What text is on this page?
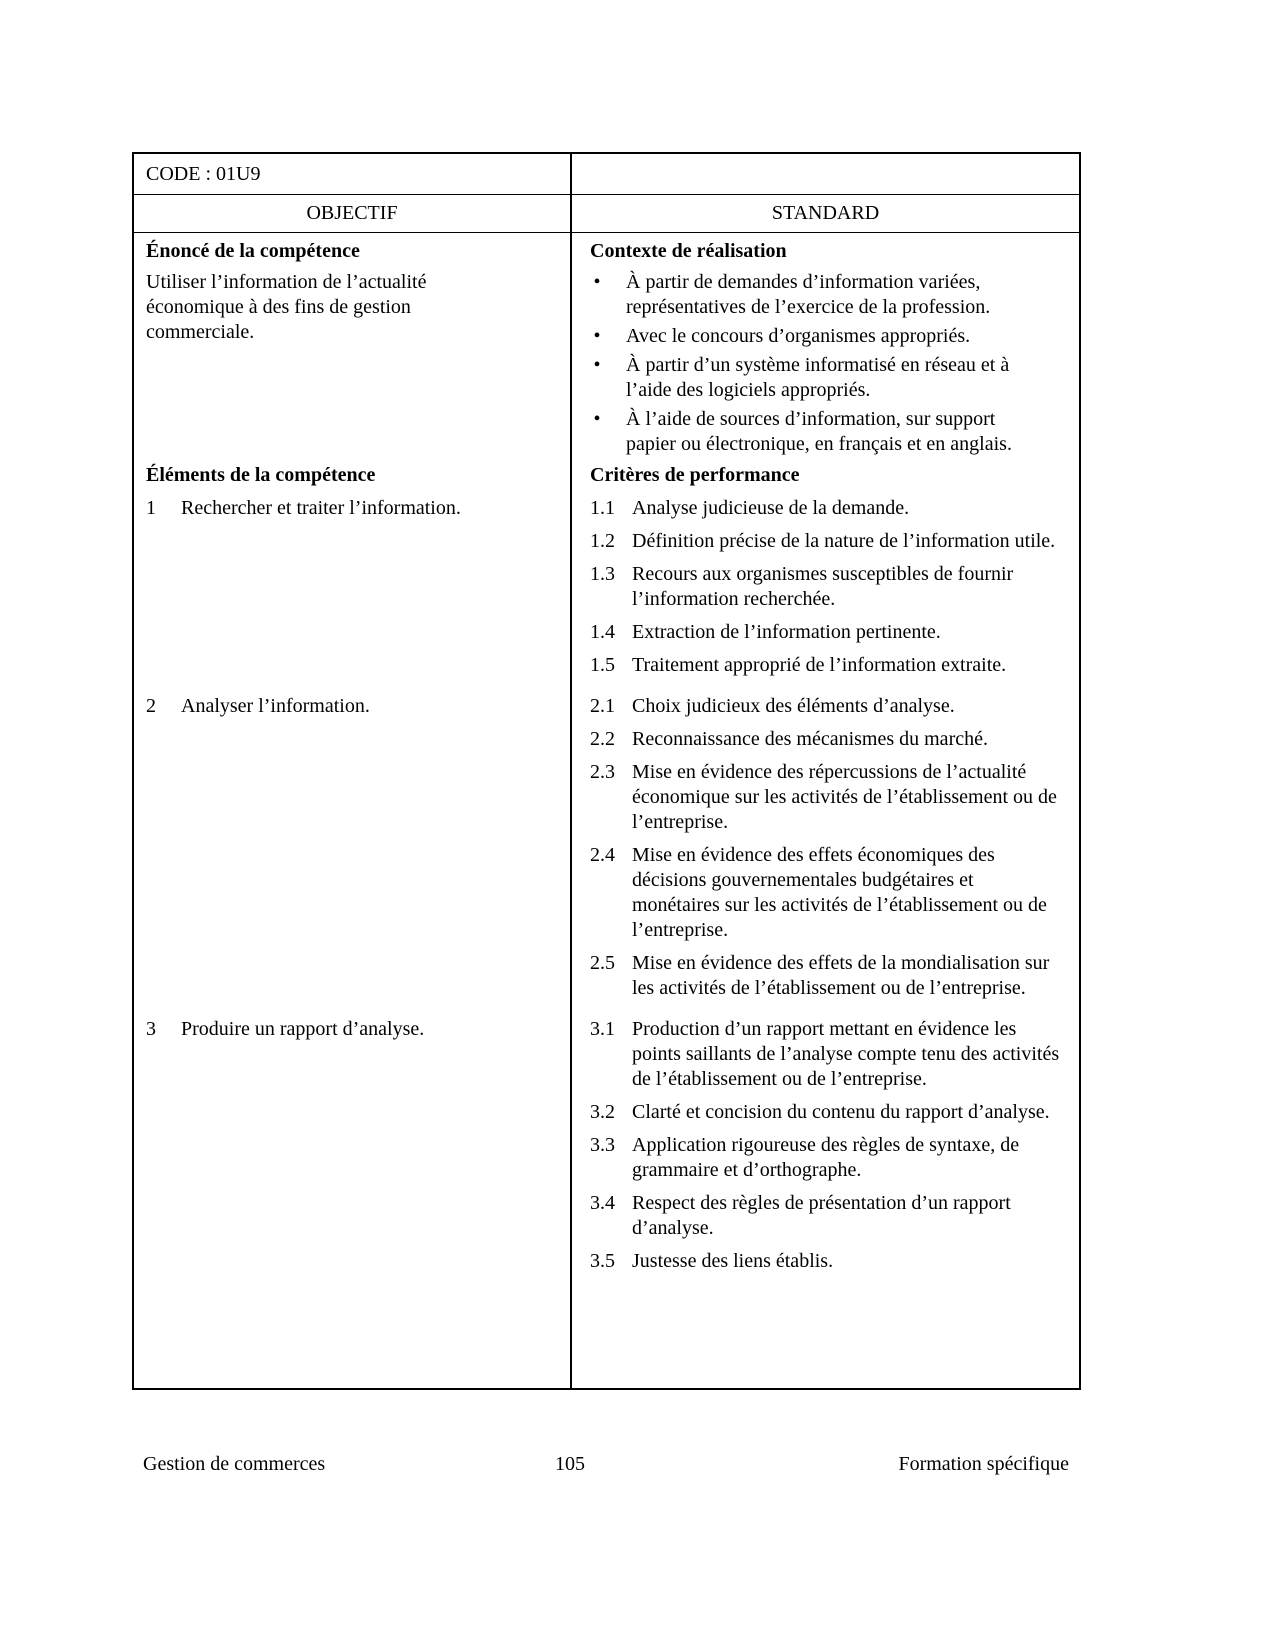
CODE : 01U9
OBJECTIF	STANDARD
Énoncé de la compétence

Utiliser l’information de l’actualité économique à des fins de gestion commerciale.

Contexte de réalisation
• À partir de demandes d’information variées, représentatives de l’exercice de la profession.
• Avec le concours d’organismes appropriés.
• À partir d’un système informatisé en réseau et à l’aide des logiciels appropriés.
• À l’aide de sources d’information, sur support papier ou électronique, en français et en anglais.
Éléments de la compétence	Critères de performance
1	Rechercher et traiter l’information.	1.1 Analyse judicieuse de la demande.
1.2 Définition précise de la nature de l’information utile.
1.3 Recours aux organismes susceptibles de fournir l’information recherchée.
1.4 Extraction de l’information pertinente.
1.5 Traitement approprié de l’information extraite.
2	Analyser l’information.	2.1 Choix judicieux des éléments d’analyse.
2.2 Reconnaissance des mécanismes du marché.
2.3 Mise en évidence des répercussions de l’actualité économique sur les activités de l’établissement ou de l’entreprise.
2.4 Mise en évidence des effets économiques des décisions gouvernementales budgétaires et monétaires sur les activités de l’établissement ou de l’entreprise.
2.5 Mise en évidence des effets de la mondialisation sur les activités de l’établissement ou de l’entreprise.
3	Produire un rapport d’analyse.	3.1 Production d’un rapport mettant en évidence les points saillants de l’analyse compte tenu des activités de l’établissement ou de l’entreprise.
3.2 Clarté et concision du contenu du rapport d’analyse.
3.3 Application rigoureuse des règles de syntaxe, de grammaire et d’orthographe.
3.4 Respect des règles de présentation d’un rapport d’analyse.
3.5 Justesse des liens établis.
Gestion de commerces	105	Formation spécifique
